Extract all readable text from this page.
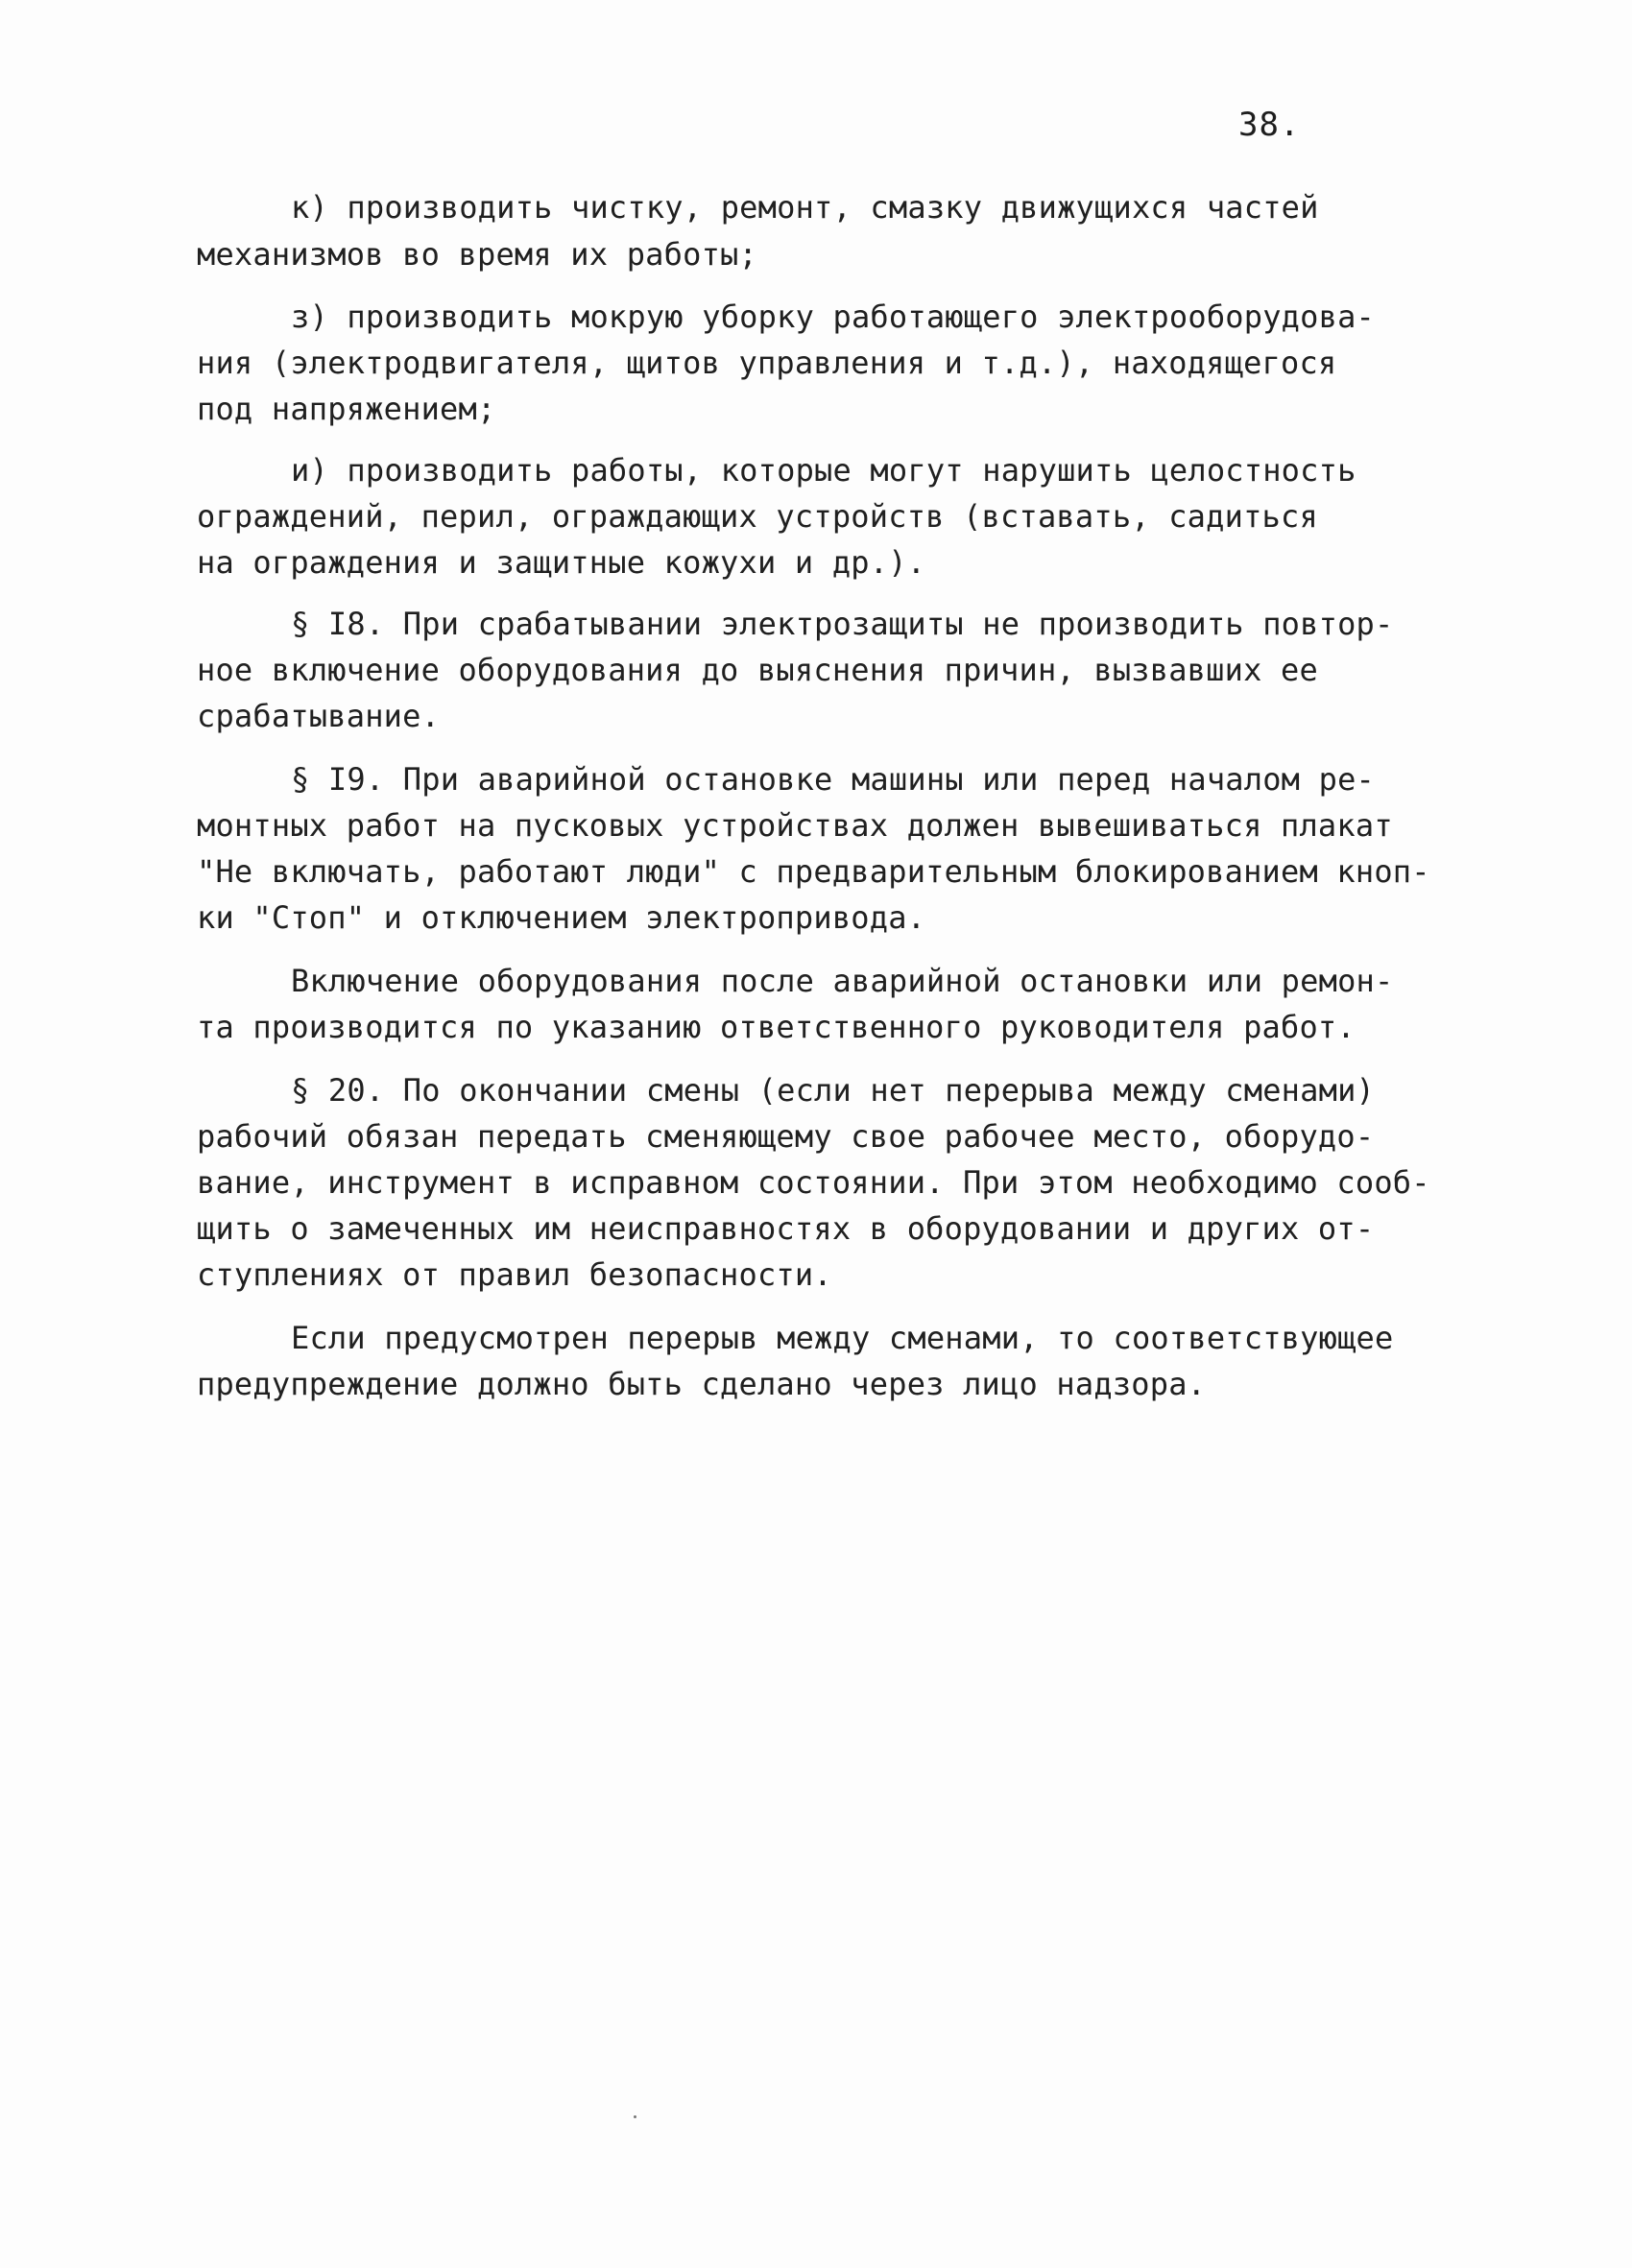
38.
к) производить чистку, ремонт, смазку движущихся частей
механизмов во время их работы;
з) производить мокрую уборку работающего электрооборудова-
ния (электродвигателя, щитов управления и т.д.), находящегося
под напряжением;
и) производить работы, которые могут нарушить целостность
ограждений, перил, ограждающих устройств (вставать, садиться
на ограждения и защитные кожухи и др.).
§ I8. При срабатывании электрозащиты не производить повтор-
ное включение оборудования до выяснения причин, вызвавших ее
срабатывание.
§ I9. При аварийной остановке машины или перед началом ре-
монтных работ на пусковых устройствах должен вывешиваться плакат
"Не включать, работают люди" с предварительным блокированием кноп-
ки "Стоп" и отключением электропривода.
Включение оборудования после аварийной остановки или ремон-
та производится по указанию ответственного руководителя работ.
§ 20. По окончании смены (если нет перерыва между сменами)
рабочий обязан передать сменяющему свое рабочее место, оборудо-
вание, инструмент в исправном состоянии. При этом необходимо сооб-
щить о замеченных им неисправностях в оборудовании и других от-
ступлениях от правил безопасности.
Если предусмотрен перерыв между сменами, то соответствующее
предупреждение должно быть сделано через лицо надзора.
